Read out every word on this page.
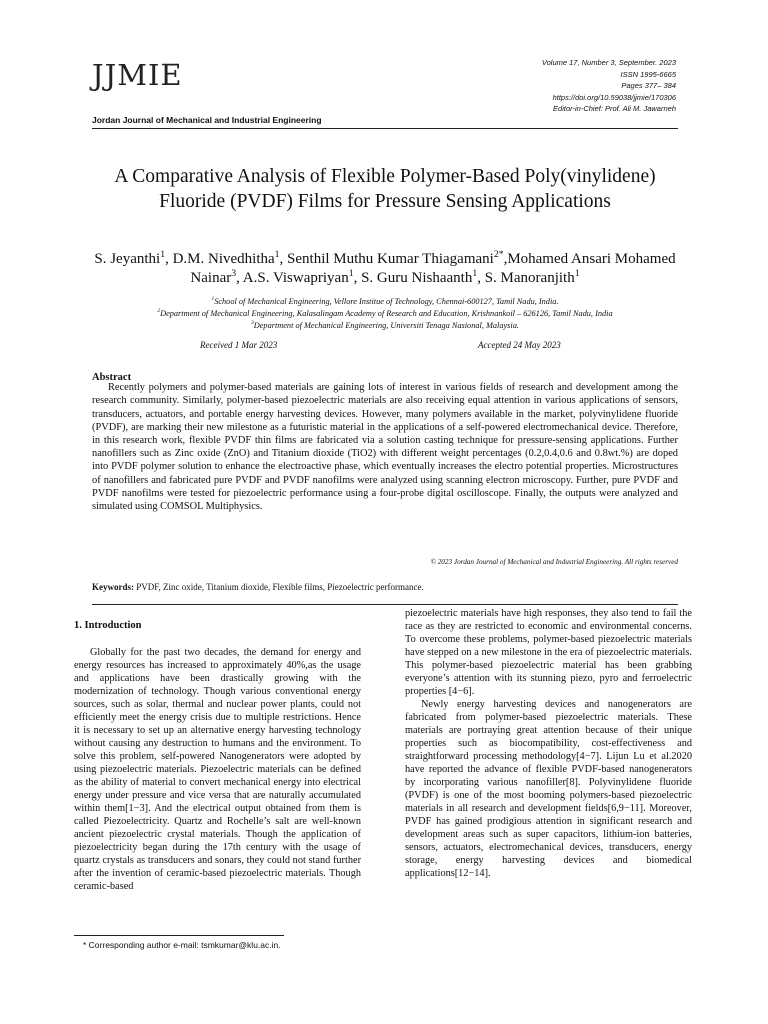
JJMIE	Volume 17, Number 3, September. 2023
ISSN 1995-6665
Pages 377– 384
https://doi.org/10.59038/jjmie/170306
Editor-in-Chief: Prof. Ali M. Jawarneh
Jordan Journal of Mechanical and Industrial Engineering
A Comparative Analysis of Flexible Polymer-Based Poly(vinylidene) Fluoride (PVDF) Films for Pressure Sensing Applications
S. Jeyanthi$^1$, D.M. Nivedhitha$^1$, Senthil Muthu Kumar Thiagamani$^{2*}$,Mohamed Ansari Mohamed Nainar$^3$, A.S. Viswapriyan$^1$, S. Guru Nishaanth$^1$, S. Manoranjith$^1$
$^1$School of Mechanical Engineering, Vellore Institue of Technology, Chennai-600127, Tamil Nadu, India.
$^2$Department of Mechanical Engineering, Kalasalingam Academy of Research and Education, Krishnankoil – 626126, Tamil Nadu, India
$^3$Department of Mechanical Engineering, Universiti Tenaga Nasional, Malaysia.
Received 1 Mar 2023	Accepted 24 May 2023
Abstract

Recently polymers and polymer-based materials are gaining lots of interest in various fields of research and development among the research community. Similarly, polymer-based piezoelectric materials are also receiving equal attention in various applications of sensors, transducers, actuators, and portable energy harvesting devices. However, many polymers available in the market, polyvinylidene fluoride (PVDF), are marking their new milestone as a futuristic material in the applications of a self-powered electromechanical device. Therefore, in this research work, flexible PVDF thin films are fabricated via a solution casting technique for pressure-sensing applications. Further nanofillers such as Zinc oxide (ZnO) and Titanium dioxide (TiO2) with different weight percentages (0.2,0.4,0.6 and 0.8wt.%) are doped into PVDF polymer solution to enhance the electroactive phase, which eventually increases the electro potential properties. Microstructures of nanofillers and fabricated pure PVDF and PVDF nanofilms were analyzed using scanning electron microscopy. Further, pure PVDF and PVDF nanofilms were tested for piezoelectric performance using a four-probe digital oscilloscope. Finally, the outputs were analyzed and simulated using COMSOL Multiphysics.

© 2023 Jordan Journal of Mechanical and Industrial Engineering. All rights reserved
Keywords: PVDF, Zinc oxide, Titanium dioxide, Flexible films, Piezoelectric performance.
1. Introduction

Globally for the past two decades, the demand for energy and energy resources has increased to approximately 40%,as the usage and applications have been drastically growing with the modernization of technology. Though various conventional energy sources, such as solar, thermal and nuclear power plants, could not efficiently meet the energy crisis due to multiple restrictions. Hence it is necessary to set up an alternative energy harvesting technology without causing any destruction to humans and the environment. To solve this problem, self-powered Nanogenerators were adopted by using piezoelectric materials. Piezoelectric materials can be defined as the ability of material to convert mechanical energy into electrical energy under pressure and vice versa that are naturally accumulated within them[1−3]. And the electrical output obtained from them is called Piezoelectricity. Quartz and Rochelle’s salt are well-known ancient piezoelectric crystal materials. Though the application of piezoelectricity began during the 17th century with the usage of quartz crystals as transducers and sonars, they could not stand further after the invention of ceramic-based piezoelectric materials. Though ceramic-based

piezoelectric materials have high responses, they also tend to fail the race as they are restricted to economic and environmental concerns. To overcome these problems, polymer-based piezoelectric materials have stepped on a new milestone in the era of piezoelectric materials. This polymer-based piezoelectric material has been grabbing everyone’s attention with its stunning piezo, pyro and ferroelectric properties [4−6].

Newly energy harvesting devices and nanogenerators are fabricated from polymer-based piezoelectric materials. These materials are portraying great attention because of their unique properties such as biocompatibility, cost-effectiveness and straightforward processing methodology[4−7]. Lijun Lu et al.2020 have reported the advance of flexible PVDF-based nanogenerators by incorporating various nanofiller[8]. Polyvinylidene fluoride (PVDF) is one of the most booming polymers-based piezoelectric materials in all research and development fields[6,9−11]. Moreover, PVDF has gained prodigious attention in significant research and development areas such as super capacitors, lithium-ion batteries, sensors, actuators, electromechanical devices, transducers, energy storage, energy harvesting devices and biomedical applications[12−14].

* Corresponding author e-mail: tsmkumar@klu.ac.in.
